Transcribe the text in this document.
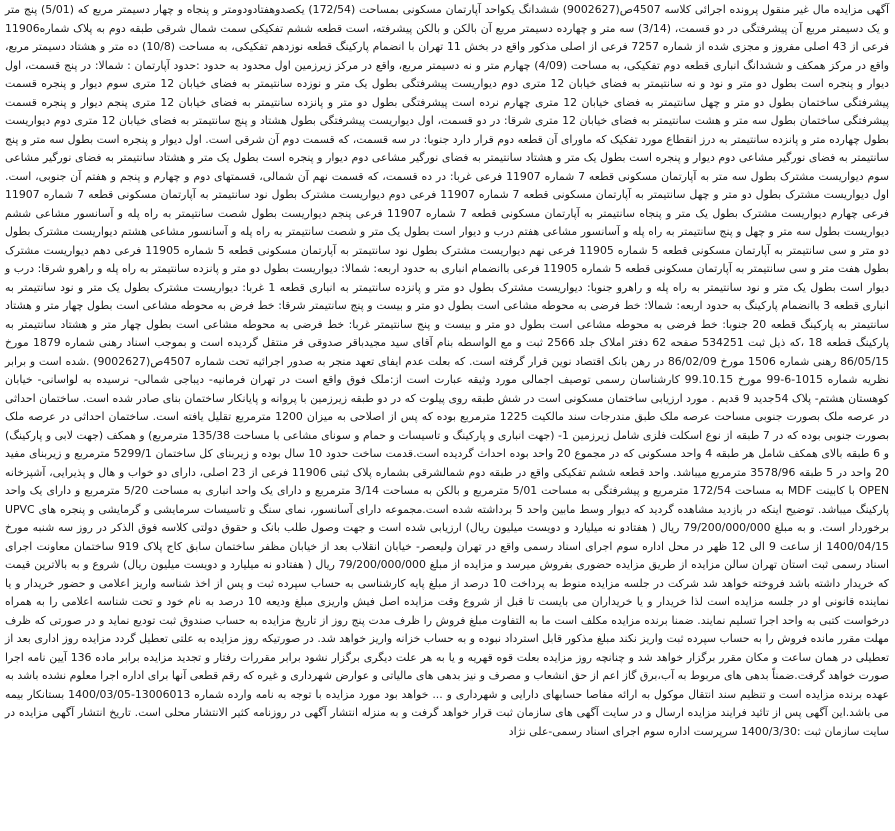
آگهی مزایده مال غیر منقول پرونده اجرائی کلاسه 4507ص(9002627) ششدانگ یکواحد آپارتمان مسکونی بمساحت (172/54) یکصدوهفتادودومتر و پنجاه و چهار دسیمتر مربع که (5/01) پنج متر و یک دسیمتر مربع آن پیشرفتگی در دو قسمت، (3/14) سه متر و چهارده دسیمتر مربع آن بالکن و بالکن پیشرفته، است قطعه ششم تفکیکی سمت شمال شرقی طبقه دوم به پلاک شماره11906 فرعی از 43 اصلی مفروز و مجزی شده از شماره 7257 فرعی از اصلی مذکور واقع در بخش 11 تهران با انضمام پارکینگ قطعه نوزدهم تفکیکی، به مساحت (10/8) ده متر و هشتاد دسیمتر مربع، واقع در مرکز همکف و ششدانگ انباری قطعه دوم تفکیکی، به مساحت (4/09) چهارم متر و نه دسیمتر مربع، واقع در مرکز زیرزمین اول محدود به حدود :حدود آپارتمان : شمالا: در پنج قسمت، اول دیوار و پنجره است بطول دو متر و نود و نه سانتیمتر به فضای خیابان 12 متری دوم دیواریست پیشرفتگی بطول یک متر و نوزده سانتیمتر به فضای خیابان 12 متری سوم دیوار و پنجره قسمت پیشرفتگی ساختمان بطول دو متر و چهل سانتیمتر به فضای خیابان 12 متری چهارم نرده است پیشرفتگی بطول دو متر و پانزده سانتیمتر به فضای خیابان 12 متری پنجم دیوار و پنجره قسمت پیشرفتگی ساختمان بطول سه متر و هشت سانتیمتر به فضای خیابان 12 متری شرقا: در دو قسمت، اول دیواریست پیشرفتگی بطول هشتاد و پنج سانتیمتر به فضای خیابان 12 متری دوم دیواریست بطول چهارده متر و پانزده سانتیمتر به درز انقطاع مورد تفکیک که ماورای آن قطعه دوم قرار دارد جنوبا: در سه قسمت، که قسمت دوم آن شرقی است. اول دیوار و پنجره است بطول سه متر و پنج سانتیمتر به فضای نورگیر مشاعی دوم دیوار و پنجره است بطول یک متر و هشتاد سانتیمتر به فضای نورگیر مشاعی دوم دیوار و پنجره است بطول یک متر و هشتاد سانتیمتر به فضای نورگیر مشاعی سوم دیواریست مشترک بطول سه متر به آپارتمان مسکونی قطعه 7 شماره 11907 فرعی غربا: در ده قسمت، که قسمت نهم آن شمالی، قسمتهای دوم و چهارم و پنجم و هفتم آن جنوبی، است. اول دیواریست مشترک بطول دو متر و چهل سانتیمتر به آپارتمان مسکونی قطعه 7 شماره 11907 فرعی دوم دیواریست مشترک بطول نود سانتیمتر به آپارتمان مسکونی قطعه 7 شماره 11907 فرعی چهارم دیواریست مشترک بطول یک متر و پنجاه سانتیمتر به آپارتمان مسکونی قطعه 7 شماره 11907 فرعی پنجم دیواریست بطول شصت سانتیمتر به راه پله و آسانسور مشاعی ششم دیواریست بطول سه متر و چهل و پنج سانتیمتر به راه پله و آسانسور مشاعی هفتم درب و دیوار است بطول یک متر و شصت سانتیمتر به راه پله و آسانسور مشاعی هشتم دیواریست مشترک بطول دو متر و سی سانتیمتر به آپارتمان مسکونی قطعه 5 شماره 11905 فرعی نهم دیواریست مشترک بطول نود سانتیمتر به آپارتمان مسکونی قطعه 5 شماره 11905 فرعی دهم دیواریست مشترک بطول هفت متر و سی سانتیمتر به آپارتمان مسکونی قطعه 5 شماره 11905 فرعی باانضمام انباری به حدود اربعه: شمالا: دیواریست بطول دو متر و پانزده سانتیمتر به راه پله و راهرو شرقا: درب و دیوار است بطول یک متر و نود سانتیمتر به راه پله و راهرو جنوبا: دیواریست مشترک بطول دو متر و پانزده سانتیمتر به انباری قطعه 1 غربا: دیواریست مشترک بطول یک متر و نود سانتیمتر به انباری قطعه 3 باانضمام پارکینگ به حدود اربعه: شمالا: خط فرضی به محوطه مشاعی است بطول دو متر و بیست و پنج سانتیمتر شرقا: خط فرض به محوطه مشاعی است بطول چهار متر و هشتاد سانتیمتر به پارکینگ قطعه 20 جنوبا: خط فرضی به محوطه مشاعی است بطول دو متر و بیست و پنج سانتیمتر غربا: خط فرضی به محوطه مشاعی است بطول چهار متر و هشتاد سانتیمتر به پارکینگ قطعه 18 ،که ذیل ثبت 534251 صفحه 62 دفتر املاک جلد 2566 ثبت و مع الواسطه بنام آقای سید مجیدباقر صدوقی فر منتقل گردیده است و بموجب اسناد رهنی شماره 1879 مورخ 86/05/15 رهنی شماره 1506 مورخ 86/02/09 در رهن بانک اقتصاد نوین قرار گرفته است. که بعلت عدم ایفای تعهد منجر به صدور اجرائیه تحت شماره 4507ص(9002627) .شده است و برابر نظریه شماره 1015-6-99 مورخ 99.10.15 کارشناسان رسمی توصیف اجمالی مورد وثیقه عبارت است از:ملک فوق واقع است در تهران فرمانیه- دیباجی شمالی- نرسیده به لواسانی- خیابان کوهستان هشتم- پلاک 54جدید 9 قدیم . مورد ارزیابی ساختمان مسکونی است در شش طبقه روی پیلوت که در دو طبقه زیرزمین با پروانه و پایانکار ساختمان بنای صادر شده است. ساختمان احداثی در عرصه ملک بصورت جنوبی مساحت عرصه ملک طبق مندرجات سند مالکیت 1225 مترمربع بوده که پس از اصلاحی به میزان 1200 مترمربع تقلیل یافته است. ساختمان احداثی در عرصه ملک بصورت جنوبی بوده که در 7 طبقه از نوع اسکلت فلزی شامل زیرزمین 1- (جهت انباری و پارکینگ و تاسیسات و حمام و سونای مشاعی با مساحت 135/38 مترمربع) و همکف (جهت لابی و پارکینگ) و 6 طبقه بالای همکف شامل هر طبقه 4 واحد مسکونی که در مجموع 20 واحد بوده احداث گردیده است.قدمت ساخت حدود 10 سال بوده و زیربنای کل ساختمان 5299/1 مترمربع و زیربنای مفید 20 واحد در 5 طبقه 3578/96 مترمربع میباشد. واحد قطعه ششم تفکیکی واقع در طبقه دوم شمالشرقی بشماره پلاک ثبتی 11906 فرعی از 23 اصلی، دارای دو خواب و هال و پذیرایی، آشپزخانه OPEN با کابینت MDF به مساحت 172/54 مترمربع و پیشرفتگی به مساحت 5/01 مترمربع و بالکن به مساحت 3/14 مترمربع و دارای یک واحد انباری به مساحت 5/20 مترمربع و دارای یک واحد پارکینگ میباشد. توضیح اینکه در بازدید مشاهده گردید که دیوار وسط مابین واحد 5 برداشته شده است.مجموعه دارای آسانسور، نمای سنگ و تاسیسات سرمایشی و گرمایشی و پنجره های UPVC برخوردار است. و به مبلغ 79/200/000/000 ریال ( هفتادو نه میلیارد و دویست میلیون ریال) ارزیابی شده است و جهت وصول طلب بانک و حقوق دولتی کلاسه فوق الذکر در روز سه شنبه مورخ 1400/04/15 از ساعت 9 الی 12 ظهر در محل اداره سوم اجرای اسناد رسمی واقع در تهران ولیعصر- خیابان انقلاب بعد از خیابان مظفر ساختمان سابق کاج پلاک 919 ساختمان معاونت اجرای اسناد رسمی ثبت استان تهران سالن مزایده از طریق مزایده حضوری بفروش میرسد و مزایده از مبلغ 79/200/000/000 ریال ( هفتادو نه میلیارد و دویست میلیون ریال) شروع و به بالاترین قیمت که خریدار داشته باشد فروخته خواهد شد شرکت در جلسه مزایده منوط به پرداخت 10 درصد از مبلغ پایه کارشناسی به حساب سپرده ثبت و پس از اخذ شناسه واریز اعلامی و حضور خریدار و یا نماینده قانونی او در جلسه مزایده است لذا خریدار و یا خریداران می بایست تا قبل از شروع وقت مزایده اصل فیش واریزی مبلغ ودیعه 10 درصد به نام خود و تحت شناسه اعلامی را به همراه درخواست کتبی به واحد اجرا تسلیم نمایند. ضمنا برنده مزایده مکلف است ما به التفاوت مبلغ فروش را ظرف مدت پنج روز از تاریخ مزایده به حساب صندوق ثبت تودیع نماید و در صورتی که ظرف مهلت مقرر مانده فروش را به حساب سپرده ثبت واریز نکند مبلغ مذکور قابل استرداد نبوده و به حساب خزانه واریز خواهد شد. در صورتیکه روز مزایده به علتی تعطیل گردد مزایده روز اداری بعد از تعطیلی در همان ساعت و مکان مقرر برگزار خواهد شد و چنانچه روز مزایده بعلت قوه قهریه و یا به هر علت دیگری برگزار نشود برابر مقررات رفتار و تجدید مزایده برابر ماده 136 آیین نامه اجرا صورت خواهد گرفت.ضمناً بدهی های مربوط به آب،برق گاز اعم از حق انشعاب و مصرف و نیز بدهی های مالیاتی و عوارض شهرداری و غیره که رقم قطعی آنها برای اداره اجرا معلوم نشده باشد به عهده برنده مزایده است و تنظیم سند انتقال موکول به ارائه مفاصا حسابهای دارایی و شهرداری و ... خواهد بود مورد مزایده با توجه به نامه وارده شماره 13006013-1400/03/05 بستانکار بیمه می باشد.این آگهی پس از تائید فرایند مزایده ارسال و در سایت آگهی های سازمان ثبت قرار خواهد گرفت و به منزله انتشار آگهی در روزنامه کثیر الانتشار محلی است. تاریخ انتشار آگهی مزایده در سایت سازمان ثبت :1400/3/30 سرپرست اداره سوم اجرای اسناد رسمی-علی نژاد
